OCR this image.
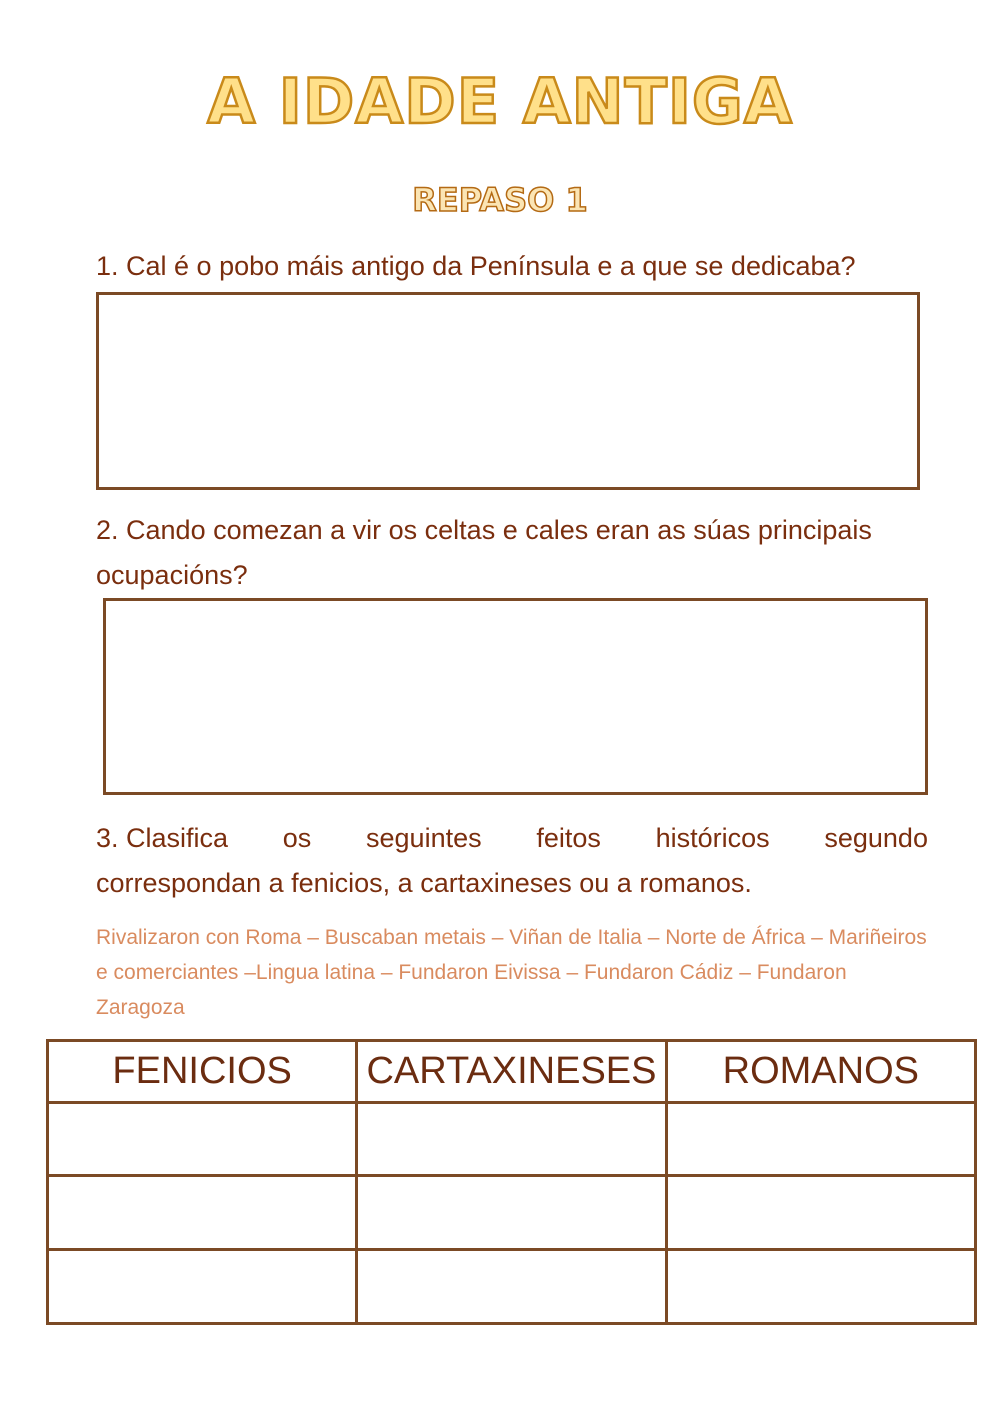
A IDADE ANTIGA
REPASO 1
1. Cal é o pobo máis antigo da Península e a que se dedicaba?
2. Cando comezan a vir os celtas e cales eran as súas principais ocupacións?
3. Clasifica os seguintes feitos históricos segundo
correspondan a fenicios, a cartaxineses ou a romanos.
Rivalizaron con Roma – Buscaban metais – Viñan de Italia – Norte de África – Mariñeiros e comerciantes –Lingua latina – Fundaron Eivissa – Fundaron Cádiz – Fundaron Zaragoza
FENICIOS	CARTAXINESES	ROMANOS
